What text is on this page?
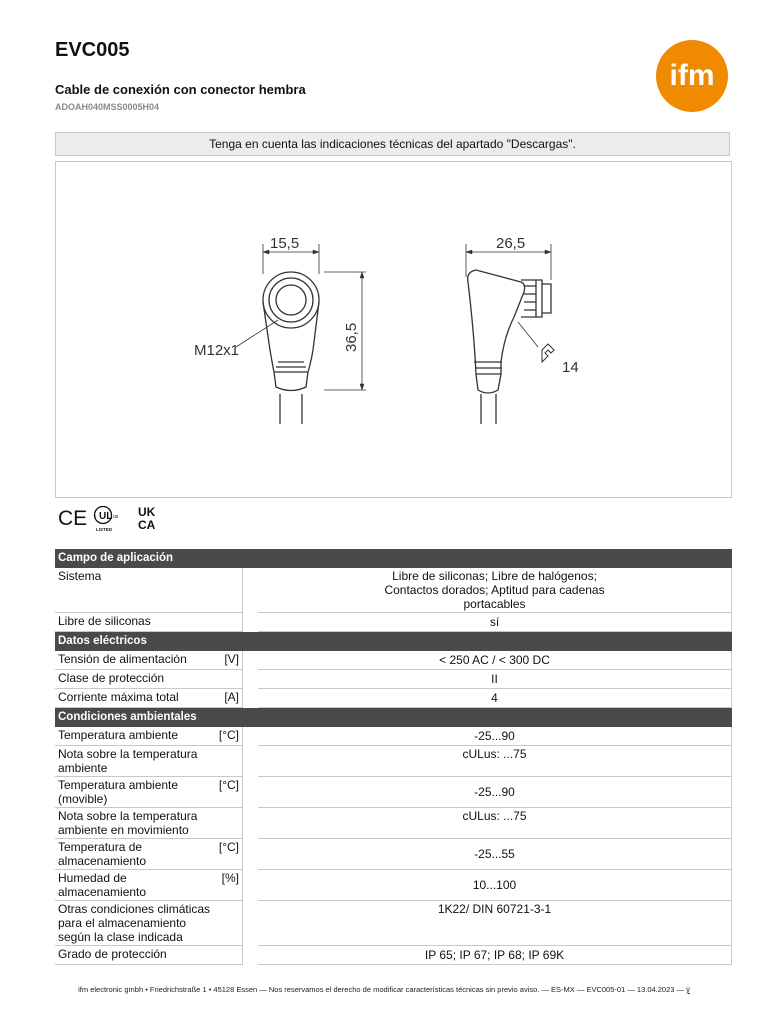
EVC005
Cable de conexión con conector hembra
ADOAH040MSS0005H04
ifm
Tenga en cuenta las indicaciones técnicas del apartado "Descargas".
15,5
M12x1	36,5
26,5
14
CE UL
c	us
LISTED
UK
CA
Campo de aplicación			
Sistema			Libre de siliconas; Libre de halógenos; Contactos dorados; Aptitud para cadenas portacables
Libre de siliconas			sí
Datos eléctricos			
Tensión de alimentación	[V]		< 250 AC / < 300 DC
Clase de protección			II
Corriente máxima total	[A]		4
Condiciones ambientales			
Temperatura ambiente	[°C]		-25...90
Nota sobre la temperatura ambiente			cULus: ...75
Temperatura ambiente (movible)	[°C]		-25...90
Nota sobre la temperatura ambiente en movimiento			cULus: ...75
Temperatura de almacenamiento	[°C]		-25...55
Humedad de almacenamiento	[%]		10...100
Otras condiciones climáticas para el almacenamiento según la clase indicada			1K22/ DIN 60721-3-1
Grado de protección			IP 65; IP 67; IP 68; IP 69K
ifm electronic gmbh • Friedrichstraße 1 • 45128 Essen — Nos reservamos el derecho de modificar características técnicas sin previo aviso. — ES-MX — EVC005-01 — 13.04.2023 — ÿ
